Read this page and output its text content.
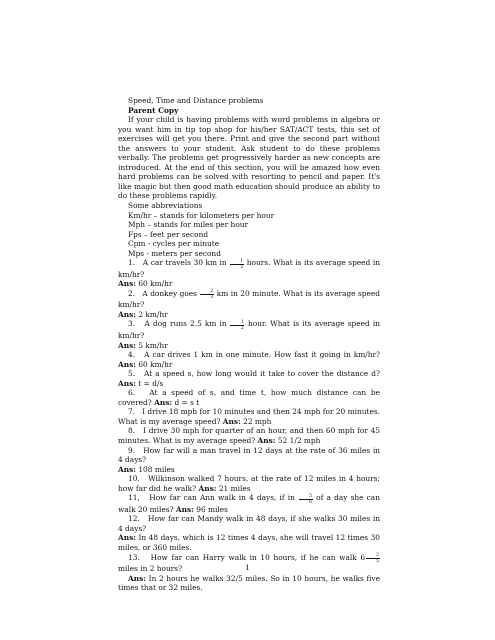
Speed, Time and Distance problems

Parent Copy

If your child is having problems with word problems in algebra or you want him in tip top shop for his/her SAT/ACT tests, this set of exercises will get you there. Print and give the second part without the answers to your student. Ask student to do these problems verbally. The problems get progressively harder as new concepts are introduced. At the end of this section, you will be amazed how even hard problems can be solved with resorting to pencil and paper. It's like magic but then good math education should produce an ability to do these problems rapidly.

Some abbreviations

Km/hr – stands for kilometers per hour

Mph – stands for miles per hour

Fps – feet per second

Cpm - cycles per minute

Mps - meters per second

1. A car travels 30 km in $\frac{1}{2}$ hours. What is its average speed in km/hr?

Ans: 60 km/hr

2. A donkey goes $\frac{2}{3}$ km in 20 minute. What is its average speed km/hr?

Ans: 2 km/hr

3. A dog runs 2.5 km in $\frac{1}{2}$ hour. What is its average speed in km/hr?

Ans: 5 km/hr

4. A car drives 1 km in one minute. How fast it going in km/hr? Ans: 60 km/hr

5. At a speed s, how long would it take to cover the distance d? Ans: t = d/s

6. At a speed of s, and time t, how much distance can be covered? Ans: d = s t

7. I drive 18 mph for 10 minutes and then 24 mph for 20 minutes. What is my average speed? Ans: 22 mph

8. I drive 30 mph for quarter of an hour, and then 60 mph for 45 minutes. What is my average speed? Ans: 52 1/2 mph

9. How far will a man travel in 12 days at the rate of 36 miles in 4 days?

Ans: 108 miles

10. Wilkinson walked 7 hours, at the rate of 12 miles in 4 hours; how far did he walk? Ans: 21 miles

11, How far can Ann walk in 4 days, if in $\frac{5}{6}$ of a day she can walk 20 miles? Ans: 96 miles

12. How far can Mandy walk in 48 days, if she walks 30 miles in 4 days?

Ans: In 48 days, which is 12 times 4 days, she will travel 12 times 30 miles, or 360 miles.

13. How far can Harry walk in 10 hours, if he can walk $6 \frac{2}{5}$
miles in 2 hours?

Ans: In 2 hours he walks 32/5 miles. So in 10 hours, he walks five times that or 32 miles.

1
